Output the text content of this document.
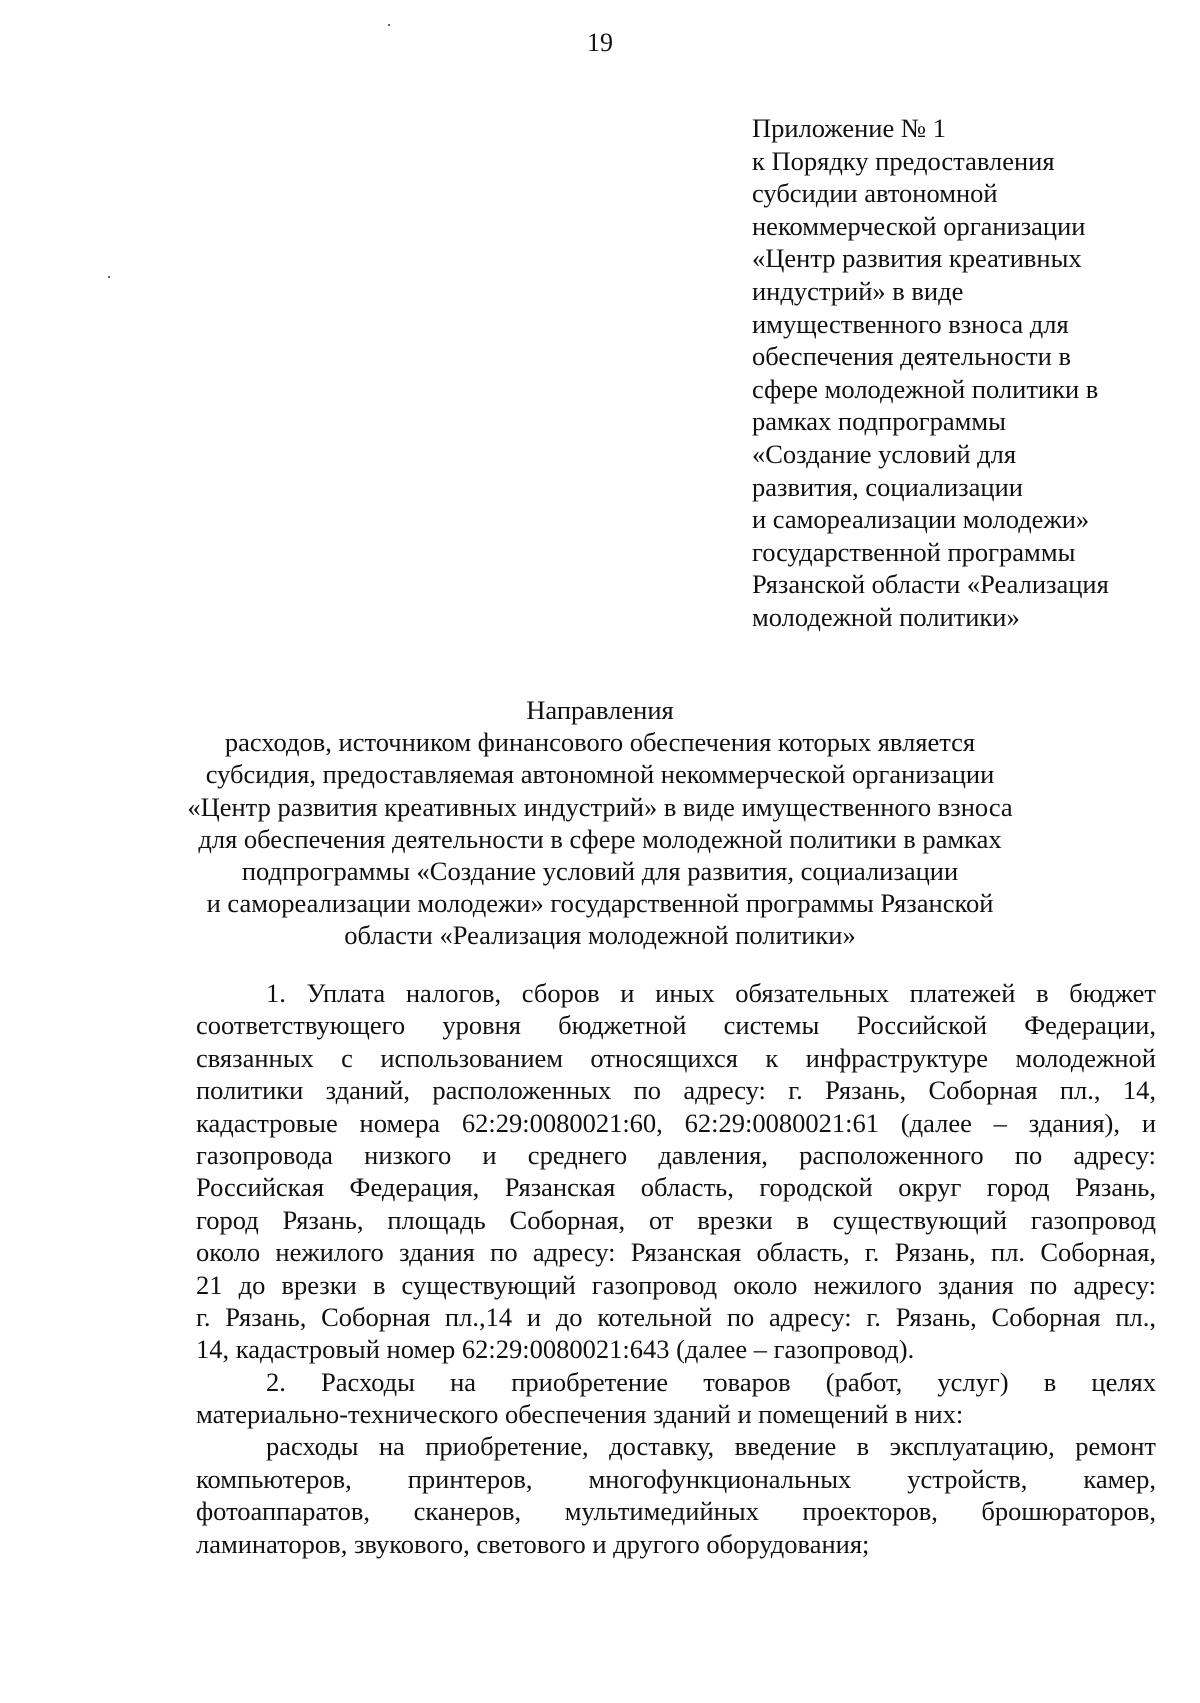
19
Приложение № 1
к Порядку предоставления
субсидии автономной
некоммерческой организации
«Центр развития креативных
индустрий» в виде
имущественного взноса для
обеспечения деятельности в
сфере молодежной политики в
рамках подпрограммы
«Создание условий для
развития, социализации
и самореализации молодежи»
государственной программы
Рязанской области «Реализация
молодежной политики»
Направления
расходов, источником финансового обеспечения которых является
субсидия, предоставляемая автономной некоммерческой организации
«Центр развития креативных индустрий» в виде имущественного взноса
для обеспечения деятельности в сфере молодежной политики в рамках
подпрограммы «Создание условий для развития, социализации
и самореализации молодежи» государственной программы Рязанской
области «Реализация молодежной политики»
1. Уплата налогов, сборов и иных обязательных платежей в бюджет
соответствующего уровня бюджетной системы Российской Федерации,
связанных с использованием относящихся к инфраструктуре молодежной
политики зданий, расположенных по адресу: г. Рязань, Соборная пл., 14,
кадастровые номера 62:29:0080021:60, 62:29:0080021:61 (далее – здания), и
газопровода низкого и среднего давления, расположенного по адресу:
Российская Федерация, Рязанская область, городской округ город Рязань,
город Рязань, площадь Соборная, от врезки в существующий газопровод
около нежилого здания по адресу: Рязанская область, г. Рязань, пл. Соборная,
21 до врезки в существующий газопровод около нежилого здания по адресу:
г. Рязань, Соборная пл.,14 и до котельной по адресу: г. Рязань, Соборная пл.,
14, кадастровый номер 62:29:0080021:643 (далее – газопровод).
2. Расходы на приобретение товаров (работ, услуг) в целях
материально-технического обеспечения зданий и помещений в них:
расходы на приобретение, доставку, введение в эксплуатацию, ремонт
компьютеров, принтеров, многофункциональных устройств, камер,
фотоаппаратов, сканеров, мультимедийных проекторов, брошюраторов,
ламинаторов, звукового, светового и другого оборудования;
